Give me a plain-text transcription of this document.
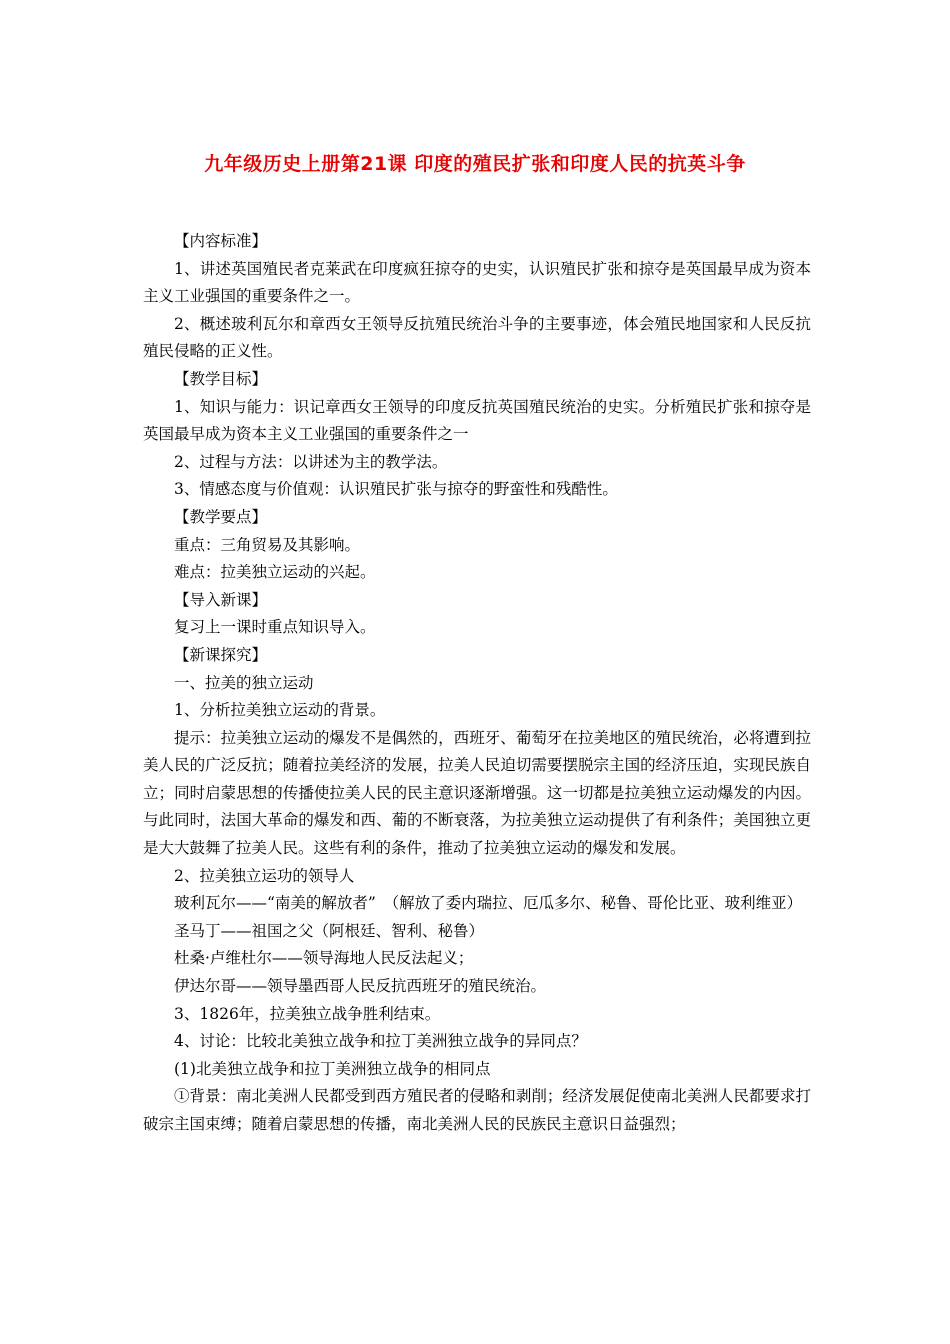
九年级历史上册第21课 印度的殖民扩张和印度人民的抗英斗争

【内容标准】

1、讲述英国殖民者克莱武在印度疯狂掠夺的史实，认识殖民扩张和掠夺是英国最早成为资本主义工业强国的重要条件之一。

2、概述玻利瓦尔和章西女王领导反抗殖民统治斗争的主要事迹，体会殖民地国家和人民反抗殖民侵略的正义性。

【教学目标】

1、知识与能力：识记章西女王领导的印度反抗英国殖民统治的史实。分析殖民扩张和掠夺是英国最早成为资本主义工业强国的重要条件之一

2、过程与方法：以讲述为主的教学法。

3、情感态度与价值观：认识殖民扩张与掠夺的野蛮性和残酷性。

【教学要点】

重点：三角贸易及其影响。

难点：拉美独立运动的兴起。

【导入新课】

复习上一课时重点知识导入。

【新课探究】

一、拉美的独立运动

1、分析拉美独立运动的背景。

提示：拉美独立运动的爆发不是偶然的，西班牙、葡萄牙在拉美地区的殖民统治，必将遭到拉美人民的广泛反抗；随着拉美经济的发展，拉美人民迫切需要摆脱宗主国的经济压迫，实现民族自立；同时启蒙思想的传播使拉美人民的民主意识逐渐增强。这一切都是拉美独立运动爆发的内因。与此同时，法国大革命的爆发和西、葡的不断衰落，为拉美独立运动提供了有利条件；美国独立更是大大鼓舞了拉美人民。这些有利的条件，推动了拉美独立运动的爆发和发展。

2、拉美独立运功的领导人

玻利瓦尔——“南美的解放者”　（解放了委内瑞拉、厄瓜多尔、秘鲁、哥伦比亚、玻利维亚）

圣马丁——祖国之父（阿根廷、智利、秘鲁）

杜桑·卢维杜尔——领导海地人民反法起义；

伊达尔哥——领导墨西哥人民反抗西班牙的殖民统治。

3、1826年，拉美独立战争胜利结束。

4、讨论：比较北美独立战争和拉丁美洲独立战争的异同点？

(1)北美独立战争和拉丁美洲独立战争的相同点

①背景：南北美洲人民都受到西方殖民者的侵略和剥削；经济发展促使南北美洲人民都要求打破宗主国束缚；随着启蒙思想的传播，南北美洲人民的民族民主意识日益强烈；
